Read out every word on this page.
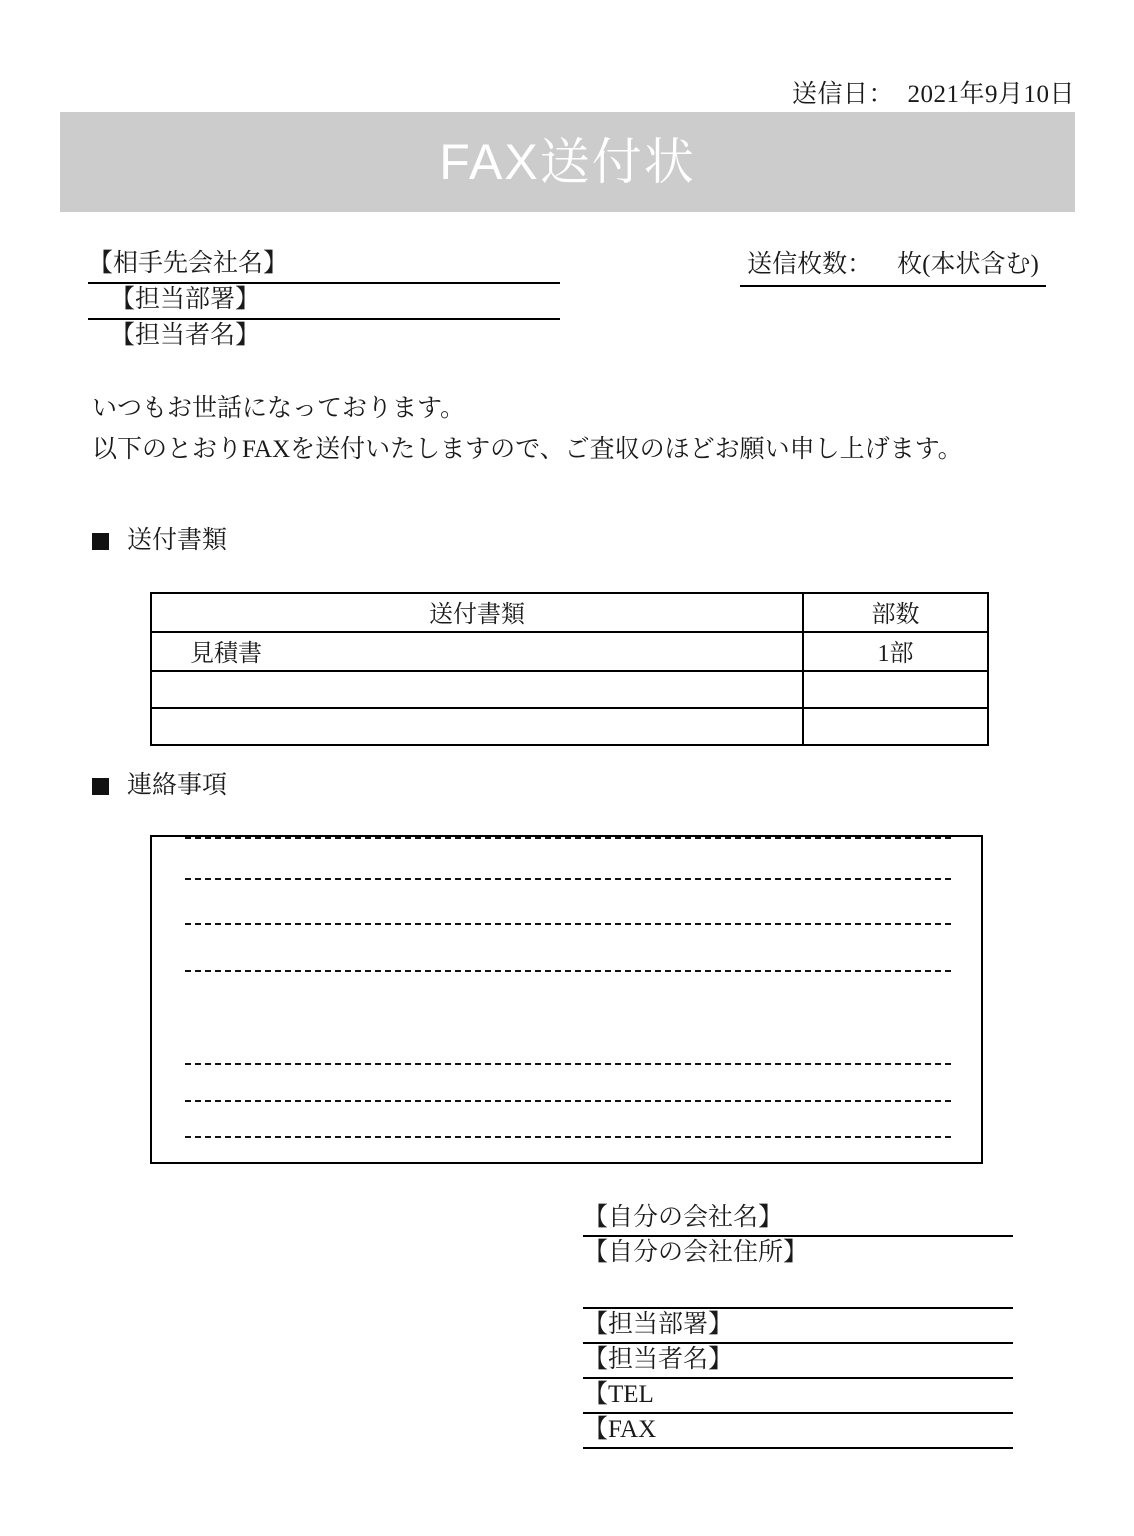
送信日：  2021年9月10日
FAX送付状
【相手先会社名】
【担当部署】
【担当者名】
送信枚数：    枚(本状含む)
いつもお世話になっております。
以下のとおりFAXを送付いたしますので、ご査収のほどお願い申し上げます。
送付書類
送付書類	部数
見積書	1部

連絡事項
【自分の会社名】
【自分の会社住所】
【担当部署】
【担当者名】
【TEL
【FAX
